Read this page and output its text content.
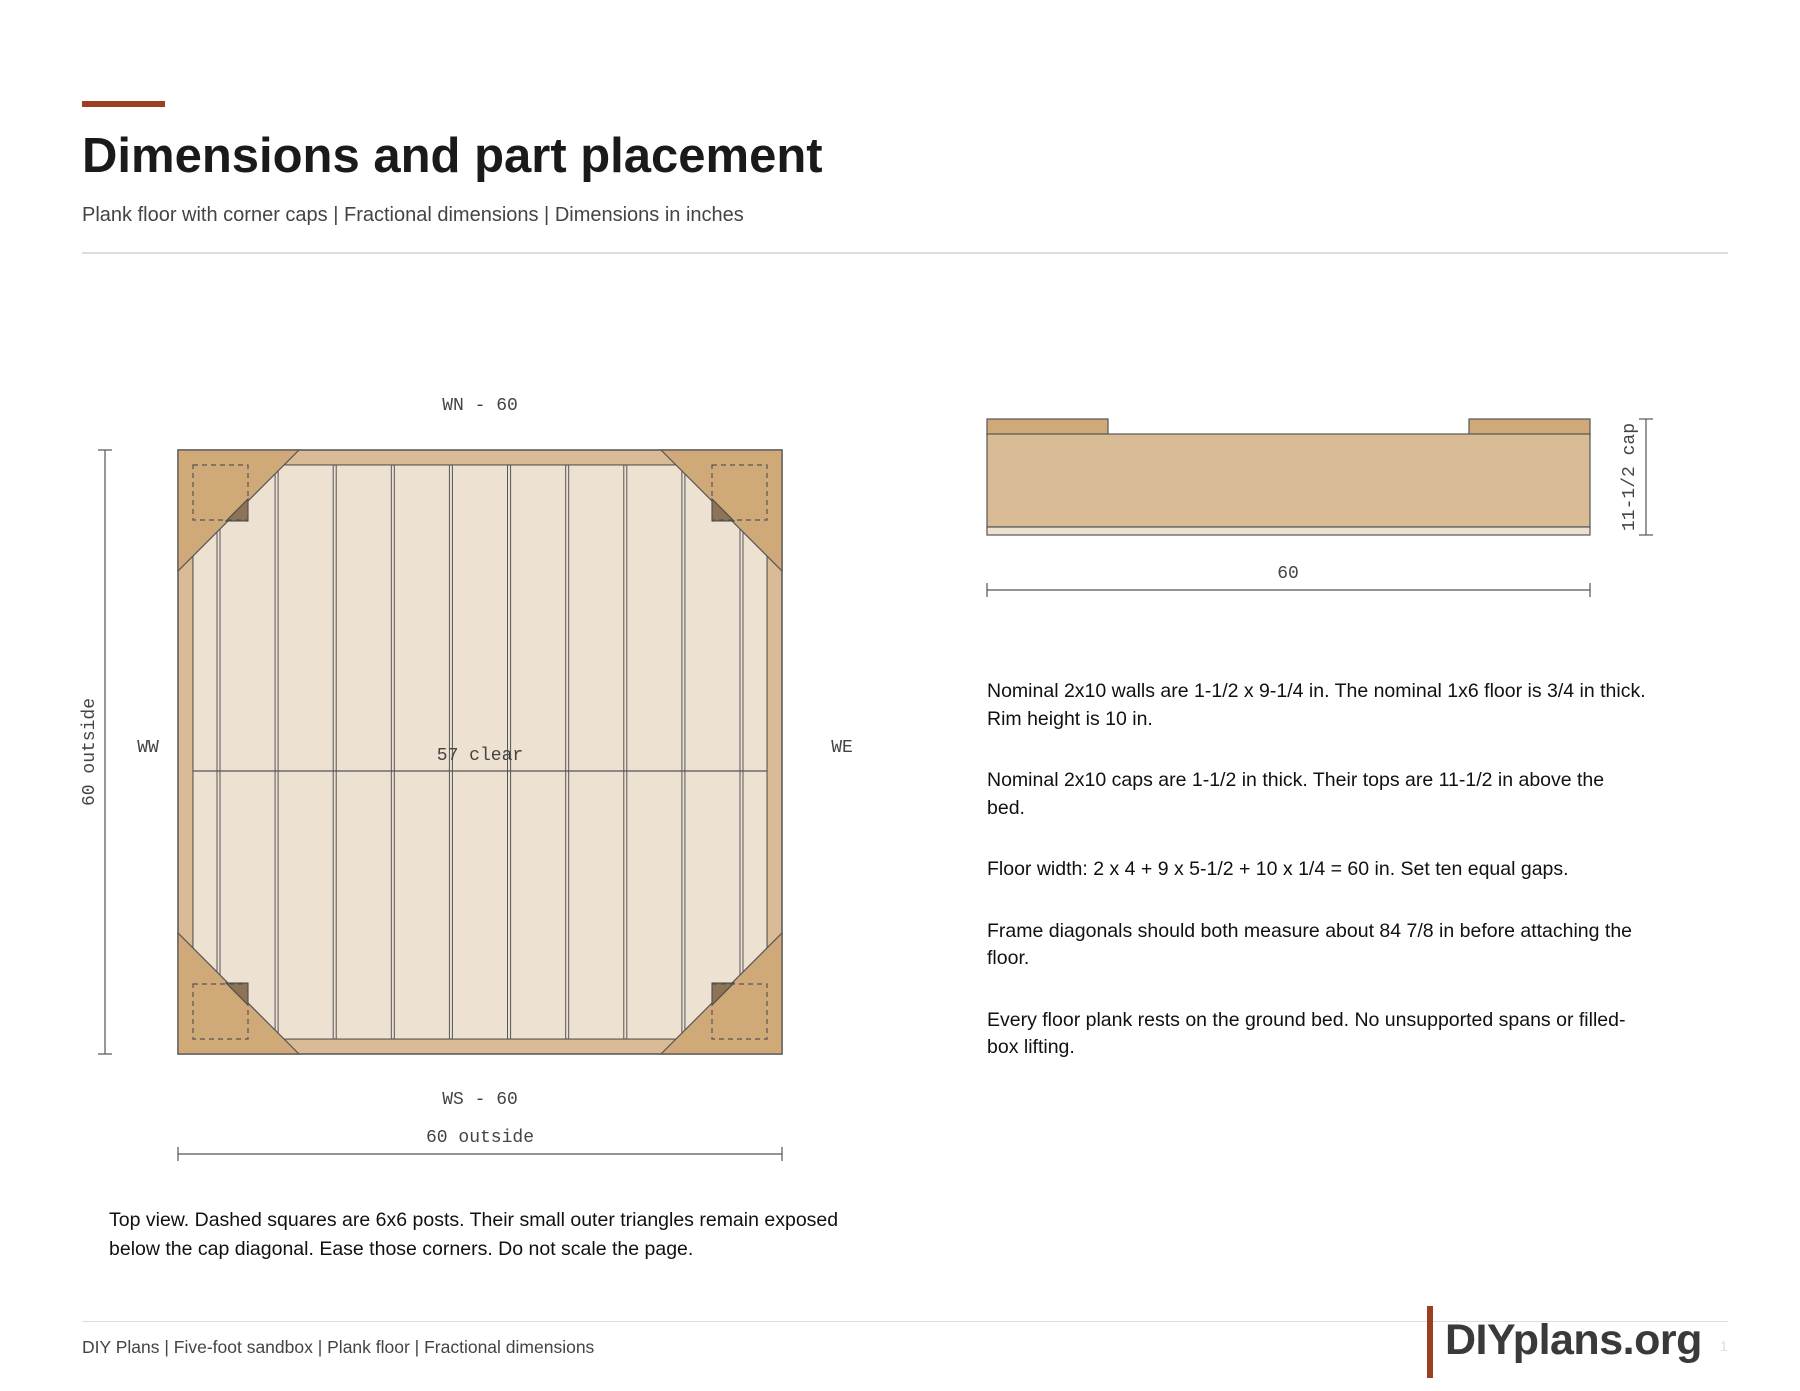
Dimensions and part placement
Plank floor with corner caps | Fractional dimensions | Dimensions in inches
WN - 60
WS - 60
WW	WE
57 clear
60 outside
60 outside
60
11-1/2 cap

Nominal 2x10 walls are 1-1/2 x 9-1/4 in. The nominal 1x6 floor is 3/4 in thick. Rim height is 10 in.

Nominal 2x10 caps are 1-1/2 in thick. Their tops are 11-1/2 in above the bed.

Floor width: 2 x 4 + 9 x 5-1/2 + 10 x 1/4 = 60 in. Set ten equal gaps.

Frame diagonals should both measure about 84 7/8 in before attaching the floor.

Every floor plank rests on the ground bed. No unsupported spans or filled-box lifting.

Top view. Dashed squares are 6x6 posts. Their small outer triangles remain exposed below the cap diagonal. Ease those corners. Do not scale the page.
DIY Plans | Five-foot sandbox | Plank floor | Fractional dimensions	DIYplans.org 1
